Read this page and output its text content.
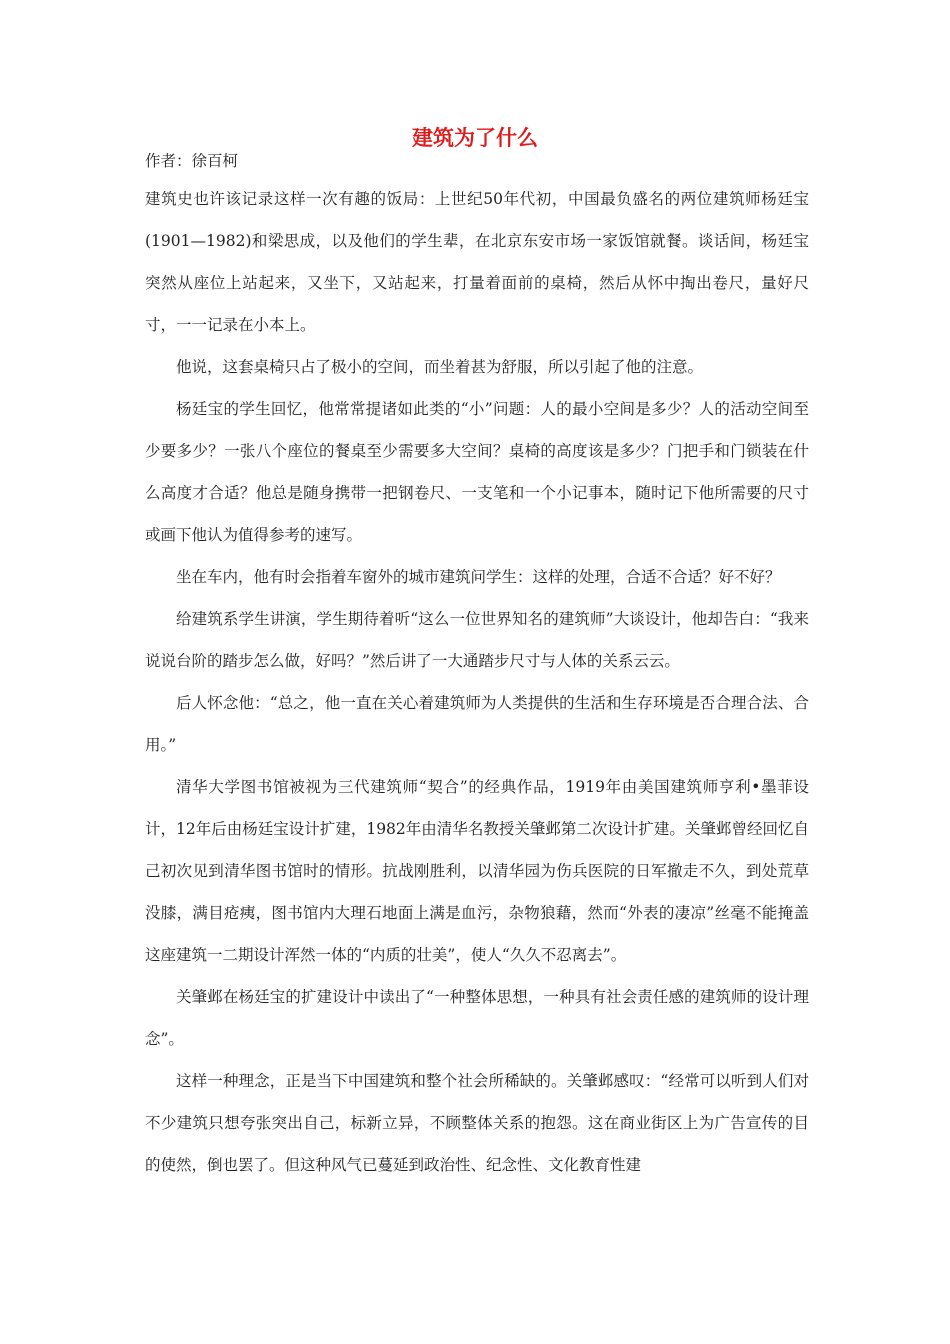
建筑为了什么
作者：徐百柯

建筑史也许该记录这样一次有趣的饭局：上世纪50年代初，中国最负盛名的两位建筑师杨廷宝(1901—1982)和梁思成，以及他们的学生辈，在北京东安市场一家饭馆就餐。谈话间，杨廷宝突然从座位上站起来，又坐下，又站起来，打量着面前的桌椅，然后从怀中掏出卷尺，量好尺寸，一一记录在小本上。

他说，这套桌椅只占了极小的空间，而坐着甚为舒服，所以引起了他的注意。

杨廷宝的学生回忆，他常常提诸如此类的“小”问题：人的最小空间是多少？人的活动空间至少要多少？一张八个座位的餐桌至少需要多大空间？桌椅的高度该是多少？门把手和门锁装在什么高度才合适？他总是随身携带一把钢卷尺、一支笔和一个小记事本，随时记下他所需要的尺寸或画下他认为值得参考的速写。

坐在车内，他有时会指着车窗外的城市建筑问学生：这样的处理，合适不合适？好不好？

给建筑系学生讲演，学生期待着听“这么一位世界知名的建筑师”大谈设计，他却告白：“我来说说台阶的踏步怎么做，好吗？”然后讲了一大通踏步尺寸与人体的关系云云。

后人怀念他：“总之，他一直在关心着建筑师为人类提供的生活和生存环境是否合理合法、合用。”

清华大学图书馆被视为三代建筑师“契合”的经典作品，1919年由美国建筑师亨利•墨菲设计，12年后由杨廷宝设计扩建，1982年由清华名教授关肇邺第二次设计扩建。关肇邺曾经回忆自己初次见到清华图书馆时的情形。抗战刚胜利，以清华园为伤兵医院的日军撤走不久，到处荒草没膝，满目疮痍，图书馆内大理石地面上满是血污，杂物狼藉，然而“外表的凄凉”丝毫不能掩盖这座建筑一二期设计浑然一体的“内质的壮美”，使人“久久不忍离去”。

关肇邺在杨廷宝的扩建设计中读出了“一种整体思想，一种具有社会责任感的建筑师的设计理念”。

这样一种理念，正是当下中国建筑和整个社会所稀缺的。关肇邺感叹：“经常可以听到人们对不少建筑只想夸张突出自己，标新立异，不顾整体关系的抱怨。这在商业街区上为广告宣传的目的使然，倒也罢了。但这种风气已蔓延到政治性、纪念性、文化教育性建
